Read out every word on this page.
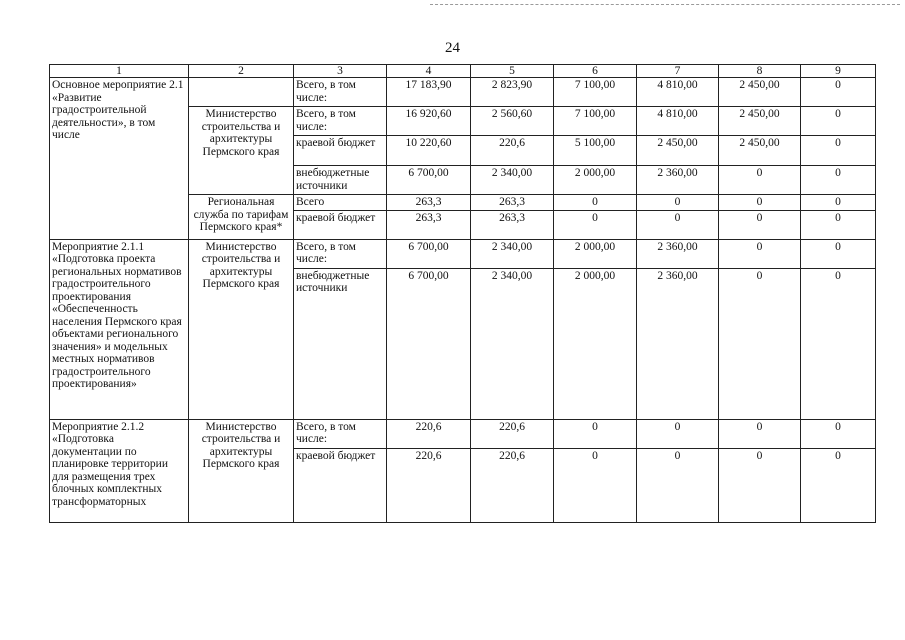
24
1	2	3	4	5	6	7	8	9
Основное мероприятие 2.1 «Развитие градостроительной деятельности», в том числе		Всего, в том числе:	17 183,90	2 823,90	7 100,00	4 810,00	2 450,00	0
	Министерство строительства и архитектуры Пермского края	Всего, в том числе:	16 920,60	2 560,60	7 100,00	4 810,00	2 450,00	0
		краевой бюджет	10 220,60	220,6	5 100,00	2 450,00	2 450,00	0
		внебюджетные источники	6 700,00	2 340,00	2 000,00	2 360,00	0	0
	Региональная служба по тарифам Пермского края*	Всего	263,3	263,3	0	0	0	0
		краевой бюджет	263,3	263,3	0	0	0	0
Мероприятие 2.1.1 «Подготовка проекта региональных нормативов градостроительного проектирования «Обеспеченность населения Пермского края объектами регионального значения» и модельных местных нормативов градостроительного проектирования»	Министерство строительства и архитектуры Пермского края	Всего, в том числе:	6 700,00	2 340,00	2 000,00	2 360,00	0	0
		внебюджетные источники	6 700,00	2 340,00	2 000,00	2 360,00	0	0
Мероприятие 2.1.2 «Подготовка документации по планировке территории для размещения трех блочных комплектных трансформаторных	Министерство строительства и архитектуры Пермского края	Всего, в том числе:	220,6	220,6	0	0	0	0
		краевой бюджет	220,6	220,6	0	0	0	0
